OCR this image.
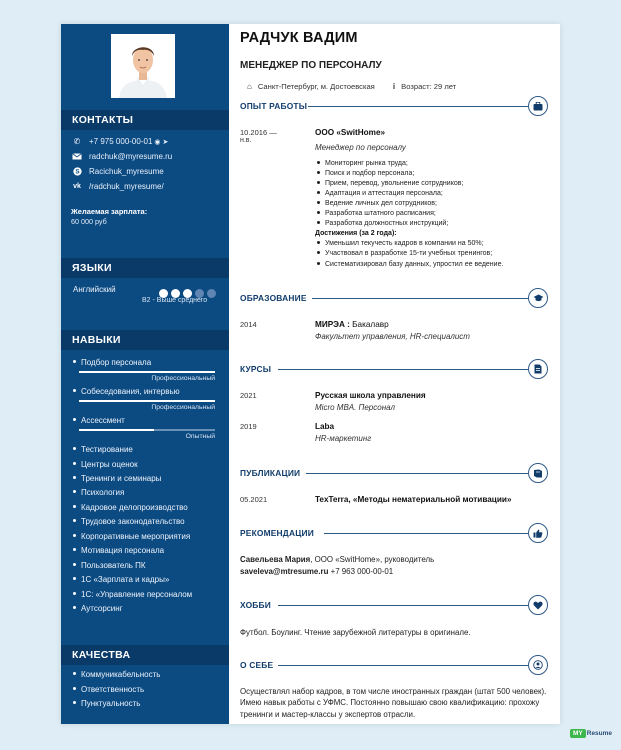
КОНТАКТЫ
✆	+7 975 000-00-01 ◉ ➤
radchuk@myresume.ru
S Racichuk_myresume
vk /radchuk_myresume/
Желаемая зарплата:
60 000 руб
ЯЗЫКИ
Английский
B2 - Выше среднего
НАВЫКИ
Подбор персонала
Профессиональный
Собеседования, интервью
Профессиональный
Ассессмент
Опытный
Тестирование
Центры оценок
Тренинги и семинары
Психология
Кадровое делопроизводство
Трудовое законодательство
Корпоративные мероприятия
Мотивация персонала
Пользователь ПК
1С «Зарплата и кадры»
1С: «Управление персоналом
Аутсорсинг
КАЧЕСТВА
Коммуникабельность
Ответственность
Пунктуальность
РАДЧУК ВАДИМ
МЕНЕДЖЕР ПО ПЕРСОНАЛУ
⌂ Санкт-Петербург, м. Достоевская i Возраст: 29 лет
ОПЫТ РАБОТЫ
10.2016 —
н.в.
ООО «SwitHome»
Менеджер по персоналу
Мониторинг рынка труда;
Поиск и подбор персонала;
Прием, перевод, увольнение сотрудников;
Адаптация и аттестация персонала;
Ведение личных дел сотрудников;
Разработка штатного расписания;
Разработка должностных инструкций;
Достижения (за 2 года):
Уменьшил текучесть кадров в компании на 50%;
Участвовал в разработке 15-ти учебных тренингов;
Систематизировал базу данных, упростил ее ведение.
ОБРАЗОВАНИЕ
2014	МИРЭА : Бакалавр
Факультет управления, HR-специалист
КУРСЫ
2021	Русская школа управления
Micro MBA. Персонал
2019	Laba
HR-маркетинг
ПУБЛИКАЦИИ
05.2021	TexTerra, «Методы нематериальной мотивации»
РЕКОМЕНДАЦИИ
Савельева Мария, ООО «SwitHome», руководитель
saveleva@mtresume.ru +7 963 000-00-01
ХОББИ
Футбол. Боулинг. Чтение зарубежной литературы в оригинале.
О СЕБЕ
Осуществлял набор кадров, в том числе иностранных граждан (штат 500 человек). Имею навык работы с УФМС. Постоянно повышаю свою квалификацию: прохожу тренинги и мастер-классы у экспертов отрасли.
MY Resume
